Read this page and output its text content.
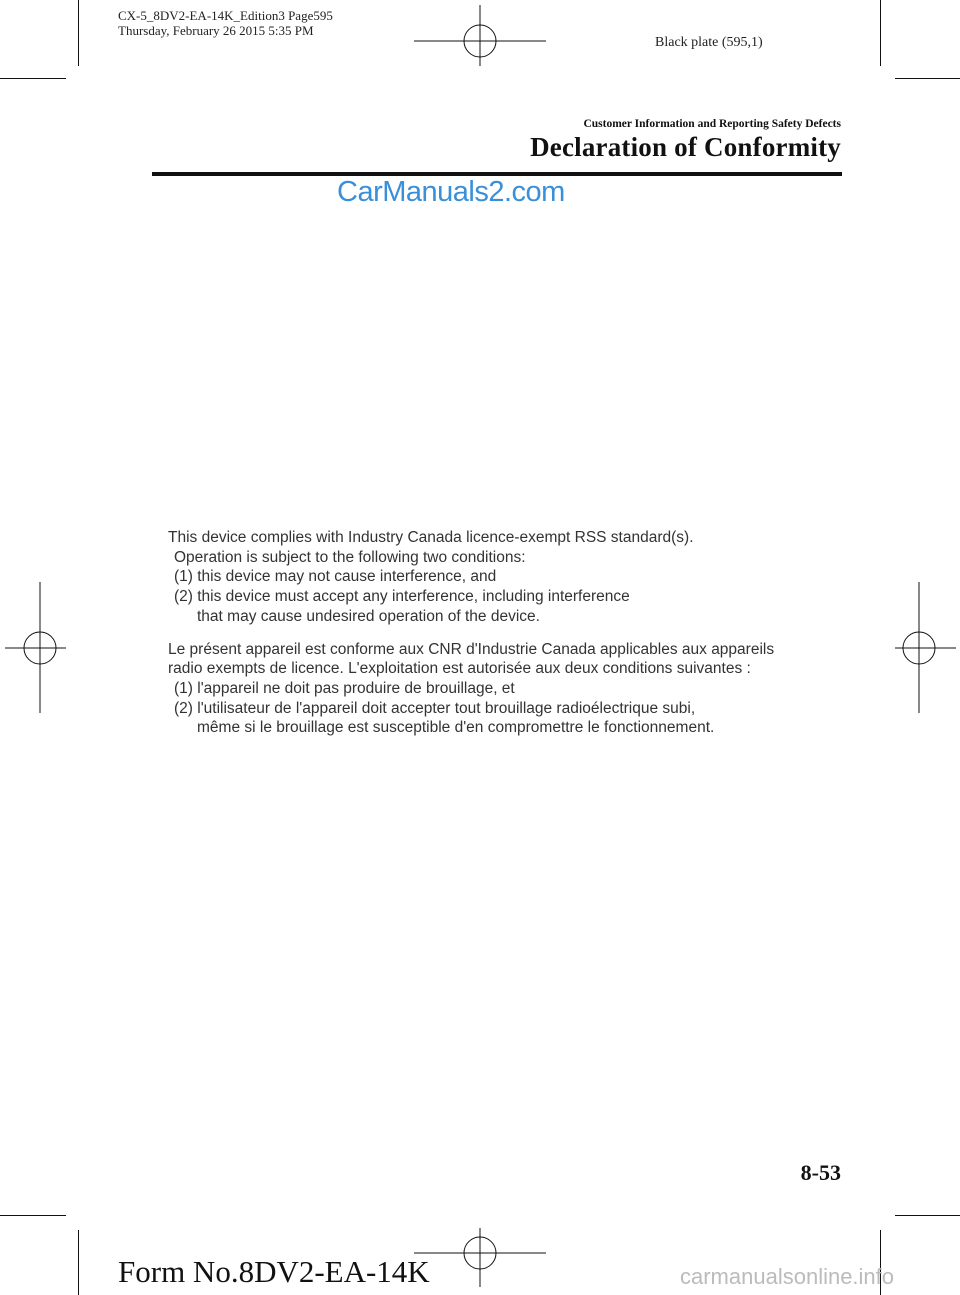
CX-5_8DV2-EA-14K_Edition3 Page595
Thursday, February 26 2015 5:35 PM
Black plate (595,1)
Customer Information and Reporting Safety Defects
Declaration of Conformity
CarManuals2.com

This device complies with Industry Canada licence-exempt RSS standard(s).

Operation is subject to the following two conditions:

(1) this device may not cause interference, and

(2) this device must accept any interference, including interference

that may cause undesired operation of the device.

Le présent appareil est conforme aux CNR d'Industrie Canada applicables aux appareils

radio exempts de licence. L'exploitation est autorisée aux deux conditions suivantes :

(1) l'appareil ne doit pas produire de brouillage, et

(2) l'utilisateur de l'appareil doit accepter tout brouillage radioélectrique subi,

même si le brouillage est susceptible d'en compromettre le fonctionnement.

8-53
Form No.8DV2-EA-14K	carmanualsonline.info
